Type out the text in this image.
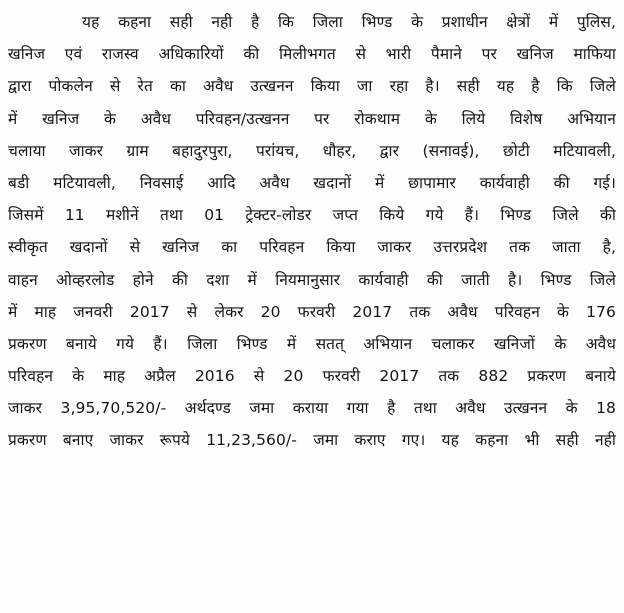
यह कहना सही नही है कि जिला भिण्ड के प्रशाधीन क्षेत्रों में पुलिस,
खनिज एवं राजस्व अधिकारियों की मिलीभगत से भारी पैमाने पर खनिज माफिया
द्वारा पोकलेन से रेत का अवैध उत्खनन किया जा रहा है। सही यह है कि जिले
में खनिज के अवैध परिवहन/उत्खनन पर रोकथाम के लिये विशेष अभियान
चलाया जाकर ग्राम बहादुरपुरा, परांयच, धौहर, द्वार (सनावई), छोटी मटियावली,
बडी मटियावली, निवसाई आदि अवैध खदानों में छापामार कार्यवाही की गई।
जिसमें 11 मशीनें तथा 01 ट्रेक्टर-लोडर जप्त किये गये हैं। भिण्ड जिले की
स्वीकृत खदानों से खनिज का परिवहन किया जाकर उत्तरप्रदेश तक जाता है,
वाहन ओव्हरलोड होने की दशा में नियमानुसार कार्यवाही की जाती है। भिण्ड जिले
में माह जनवरी 2017 से लेकर 20 फरवरी 2017 तक अवैध परिवहन के 176
प्रकरण बनाये गये हैं। जिला भिण्ड में सतत् अभियान चलाकर खनिजों के अवैध
परिवहन के माह अप्रैल 2016 से 20 फरवरी 2017 तक 882 प्रकरण बनाये
जाकर 3,95,70,520/- अर्थदण्ड जमा कराया गया है तथा अवैध उत्खनन के 18
प्रकरण बनाए जाकर रूपये 11,23,560/- जमा कराए गए। यह कहना भी सही नही
